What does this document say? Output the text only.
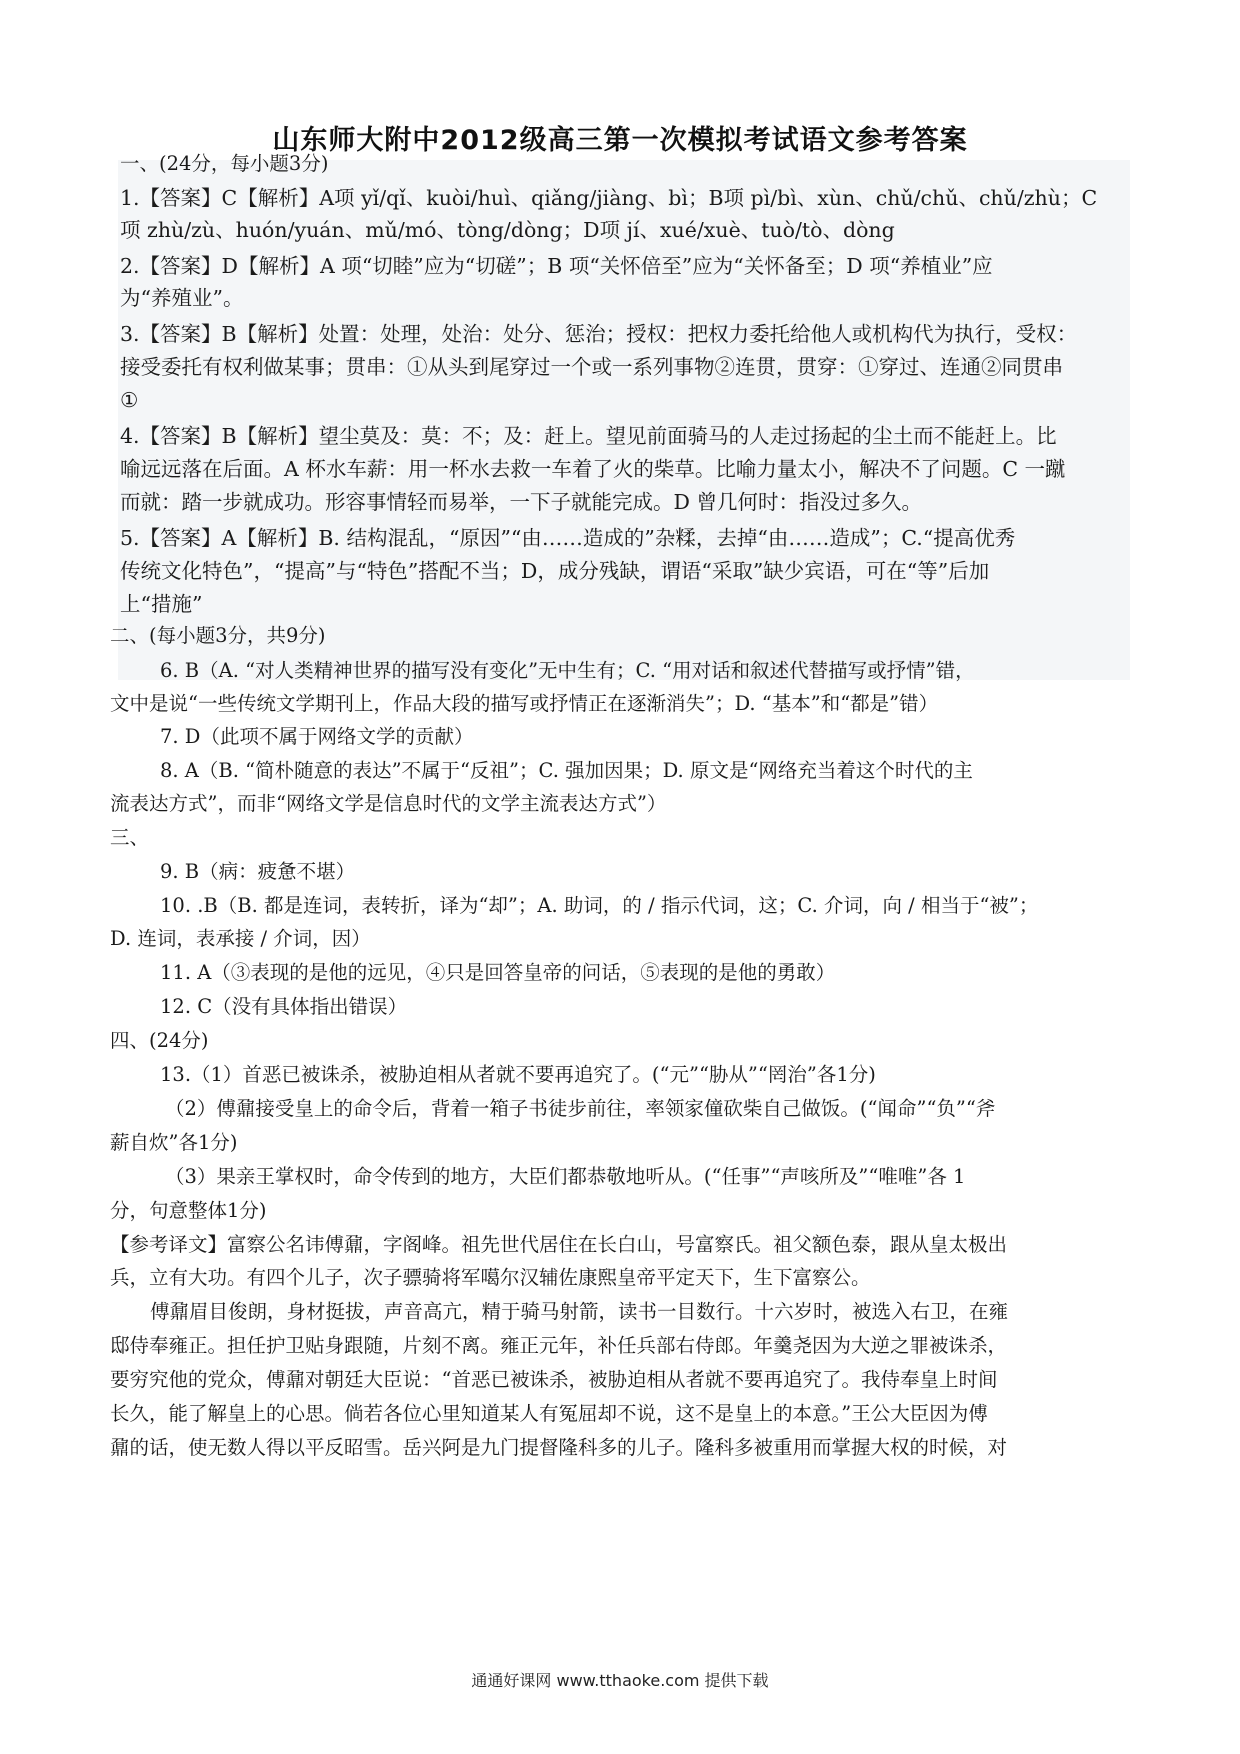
山东师大附中2012级高三第一次模拟考试语文参考答案
一、(24分，每小题3分)
1.【答案】C【解析】A项 yǐ/qǐ、kuòi/huì、qiǎng/jiàng、bì；B项 pì/bì、xùn、chǔ/chǔ、chǔ/zhù；C
项 zhù/zù、huón/yuán、mǔ/mó、tòng/dòng；D项 jí、xué/xuè、tuò/tò、dòng
2.【答案】D【解析】A 项“切睦”应为“切磋”；B 项“关怀倍至”应为“关怀备至；D 项“养植业”应
为“养殖业”。
3.【答案】B【解析】处置：处理，处治：处分、惩治；授权：把权力委托给他人或机构代为执行，受权：
接受委托有权利做某事；贯串：①从头到尾穿过一个或一系列事物②连贯，贯穿：①穿过、连通②同贯串
①
4.【答案】B【解析】望尘莫及：莫：不；及：赶上。望见前面骑马的人走过扬起的尘土而不能赶上。比
喻远远落在后面。A 杯水车薪：用一杯水去救一车着了火的柴草。比喻力量太小，解决不了问题。C 一蹴
而就：踏一步就成功。形容事情轻而易举，一下子就能完成。D 曾几何时：指没过多久。
5.【答案】A【解析】B. 结构混乱，“原因”“由……造成的”杂糅，去掉“由……造成”；C.“提高优秀
传统文化特色”，“提高”与“特色”搭配不当；D，成分残缺，谓语“采取”缺少宾语，可在“等”后加
上“措施”
二、(每小题3分，共9分)
6. B（A. “对人类精神世界的描写没有变化”无中生有；C. “用对话和叙述代替描写或抒情”错，
文中是说“一些传统文学期刊上，作品大段的描写或抒情正在逐渐消失”；D. “基本”和“都是”错）
7. D（此项不属于网络文学的贡献）
8. A（B. “简朴随意的表达”不属于“反祖”；C. 强加因果；D. 原文是“网络充当着这个时代的主
流表达方式”，而非“网络文学是信息时代的文学主流表达方式”）
三、
9. B（病：疲惫不堪）
10. .B（B. 都是连词，表转折，译为“却”；A. 助词，的 / 指示代词，这；C. 介词，向 / 相当于“被”；
D. 连词，表承接 / 介词，因）
11. A（③表现的是他的远见，④只是回答皇帝的问话，⑤表现的是他的勇敢）
12. C（没有具体指出错误）
四、(24分)
13.（1）首恶已被诛杀，被胁迫相从者就不要再追究了。(“元”“胁从”“罔治”各1分)
（2）傅鼐接受皇上的命令后，背着一箱子书徒步前往，率领家僮砍柴自己做饭。(“闻命”“负”“斧
薪自炊”各1分)
（3）果亲王掌权时，命令传到的地方，大臣们都恭敬地听从。(“任事”“声咳所及”“唯唯”各 1
分，句意整体1分)
【参考译文】富察公名讳傅鼐，字阁峰。祖先世代居住在长白山，号富察氏。祖父额色泰，跟从皇太极出
兵，立有大功。有四个儿子，次子骠骑将军噶尔汉辅佐康熙皇帝平定天下，生下富察公。
傅鼐眉目俊朗，身材挺拔，声音高亢，精于骑马射箭，读书一目数行。十六岁时，被选入右卫，在雍
邸侍奉雍正。担任护卫贴身跟随，片刻不离。雍正元年，补任兵部右侍郎。年羹尧因为大逆之罪被诛杀，
要穷究他的党众，傅鼐对朝廷大臣说：“首恶已被诛杀，被胁迫相从者就不要再追究了。我侍奉皇上时间
长久，能了解皇上的心思。倘若各位心里知道某人有冤屈却不说，这不是皇上的本意。”王公大臣因为傅
鼐的话，使无数人得以平反昭雪。岳兴阿是九门提督隆科多的儿子。隆科多被重用而掌握大权的时候，对
通通好课网 www.tthaoke.com 提供下载
